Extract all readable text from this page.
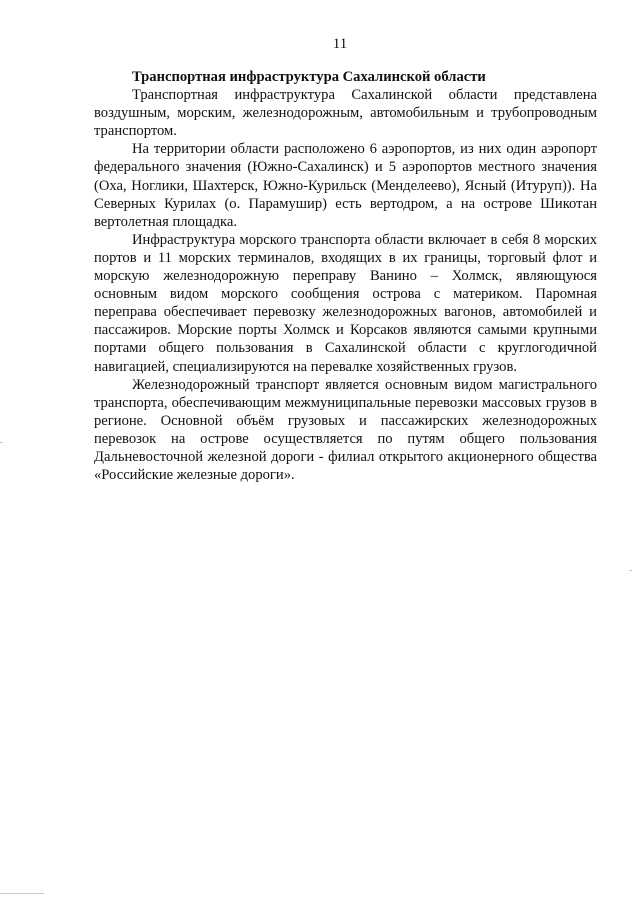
11

Транспортная инфраструктура Сахалинской области

Транспортная инфраструктура Сахалинской области представлена воздушным, морским, железнодорожным, автомобильным и трубопроводным транспортом.

На территории области расположено 6 аэропортов, из них один аэропорт федерального значения (Южно-Сахалинск) и 5 аэропортов местного значения (Оха, Ноглики, Шахтерск, Южно-Курильск (Менделеево), Ясный (Итуруп)). На Северных Курилах (о. Парамушир) есть вертодром, а на острове Шикотан вертолетная площадка.

Инфраструктура морского транспорта области включает в себя 8 морских портов и 11 морских терминалов, входящих в их границы, торговый флот и морскую железнодорожную переправу Ванино – Холмск, являющуюся основным видом морского сообщения острова с материком. Паромная переправа обеспечивает перевозку железнодорожных вагонов, автомобилей и пассажиров. Морские порты Холмск и Корсаков являются самыми крупными портами общего пользования в Сахалинской области с круглогодичной навигацией, специализируются на перевалке хозяйственных грузов.

Железнодорожный транспорт является основным видом магистрального транспорта, обеспечивающим межмуниципальные перевозки массовых грузов в регионе. Основной объём грузовых и пассажирских железнодорожных перевозок на острове осуществляется по путям общего пользования Дальневосточной железной дороги - филиал открытого акционерного общества «Российские железные дороги».
